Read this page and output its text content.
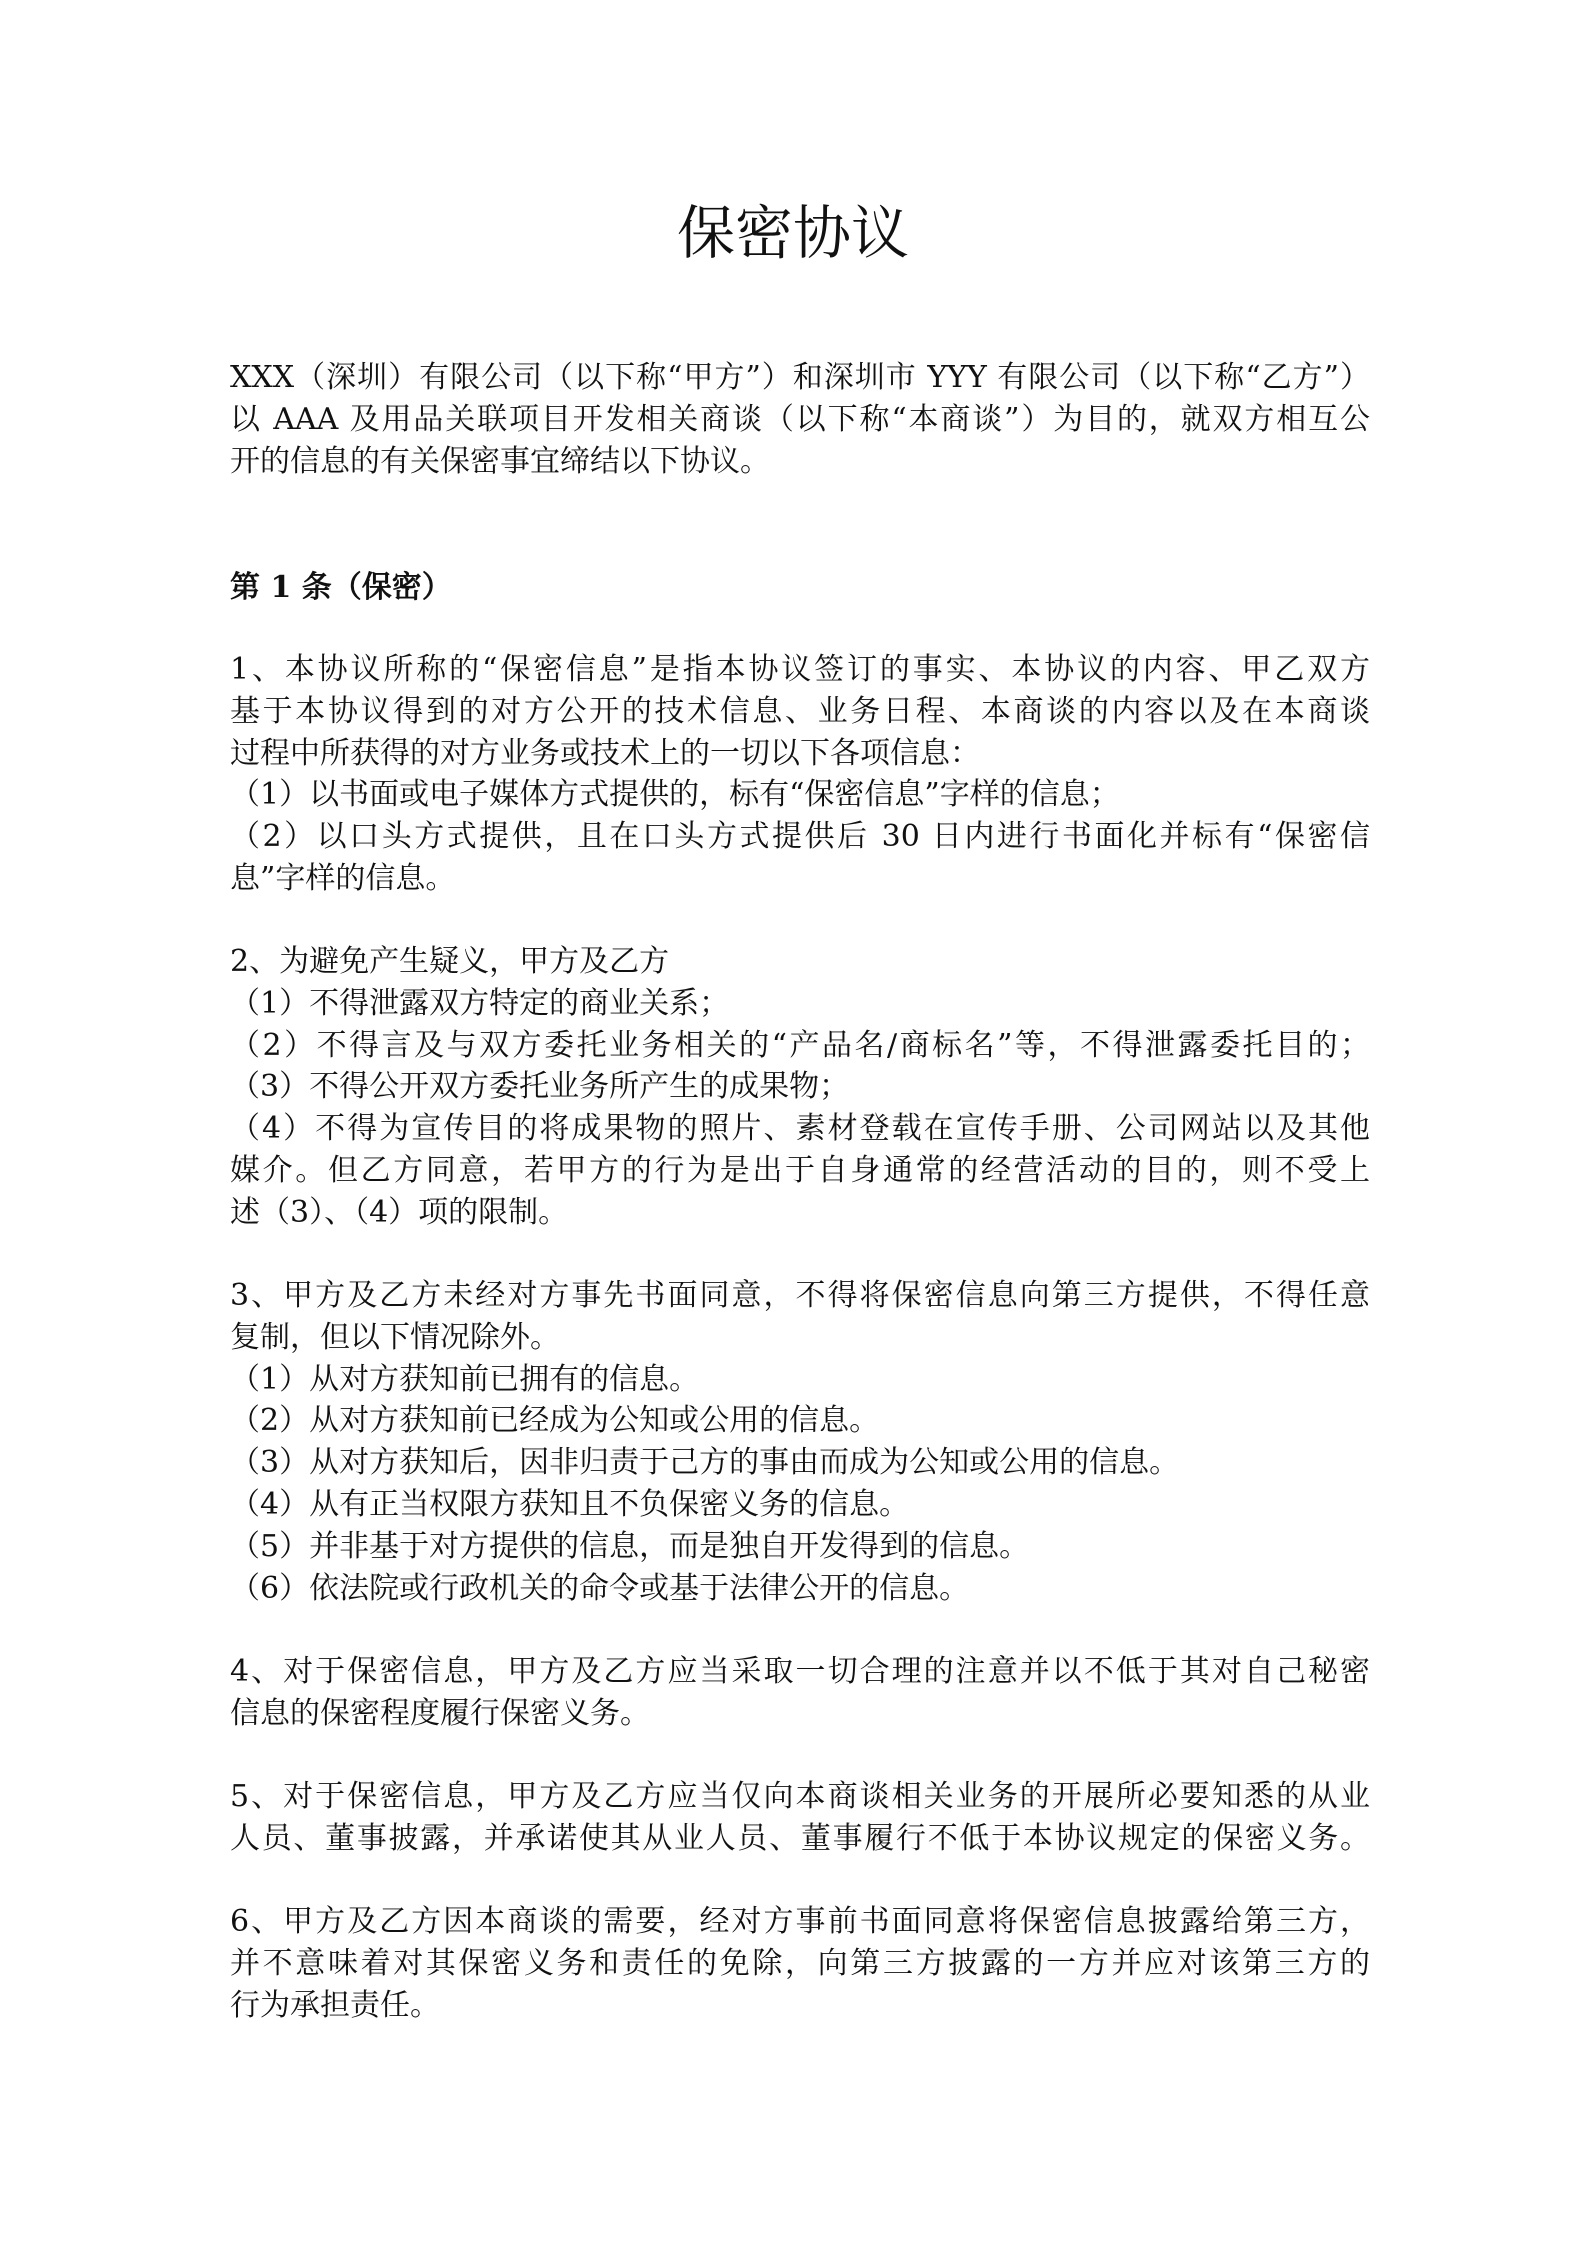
保密协议
XXX（深圳）有限公司（以下称“甲方”）和深圳市 YYY 有限公司（以下称“乙方”）
以 AAA 及用品关联项目开发相关商谈（以下称“本商谈”）为目的，就双方相互公
开的信息的有关保密事宜缔结以下协议。
第 1 条（保密）
1、本协议所称的“保密信息”是指本协议签订的事实、本协议的内容、甲乙双方
基于本协议得到的对方公开的技术信息、业务日程、本商谈的内容以及在本商谈
过程中所获得的对方业务或技术上的一切以下各项信息：
（1）以书面或电子媒体方式提供的，标有“保密信息”字样的信息；
（2）以口头方式提供，且在口头方式提供后 30 日内进行书面化并标有“保密信
息”字样的信息。
2、为避免产生疑义，甲方及乙方
（1）不得泄露双方特定的商业关系；
（2）不得言及与双方委托业务相关的“产品名/商标名”等，不得泄露委托目的；
（3）不得公开双方委托业务所产生的成果物；
（4）不得为宣传目的将成果物的照片、素材登载在宣传手册、公司网站以及其他
媒介。但乙方同意，若甲方的行为是出于自身通常的经营活动的目的，则不受上
述（3）、（4）项的限制。
3、甲方及乙方未经对方事先书面同意，不得将保密信息向第三方提供，不得任意
复制，但以下情况除外。
（1）从对方获知前已拥有的信息。
（2）从对方获知前已经成为公知或公用的信息。
（3）从对方获知后，因非归责于己方的事由而成为公知或公用的信息。
（4）从有正当权限方获知且不负保密义务的信息。
（5）并非基于对方提供的信息，而是独自开发得到的信息。
（6）依法院或行政机关的命令或基于法律公开的信息。
4、对于保密信息，甲方及乙方应当采取一切合理的注意并以不低于其对自己秘密
信息的保密程度履行保密义务。
5、对于保密信息，甲方及乙方应当仅向本商谈相关业务的开展所必要知悉的从业
人员、董事披露，并承诺使其从业人员、董事履行不低于本协议规定的保密义务。
6、甲方及乙方因本商谈的需要，经对方事前书面同意将保密信息披露给第三方，
并不意味着对其保密义务和责任的免除，向第三方披露的一方并应对该第三方的
行为承担责任。
